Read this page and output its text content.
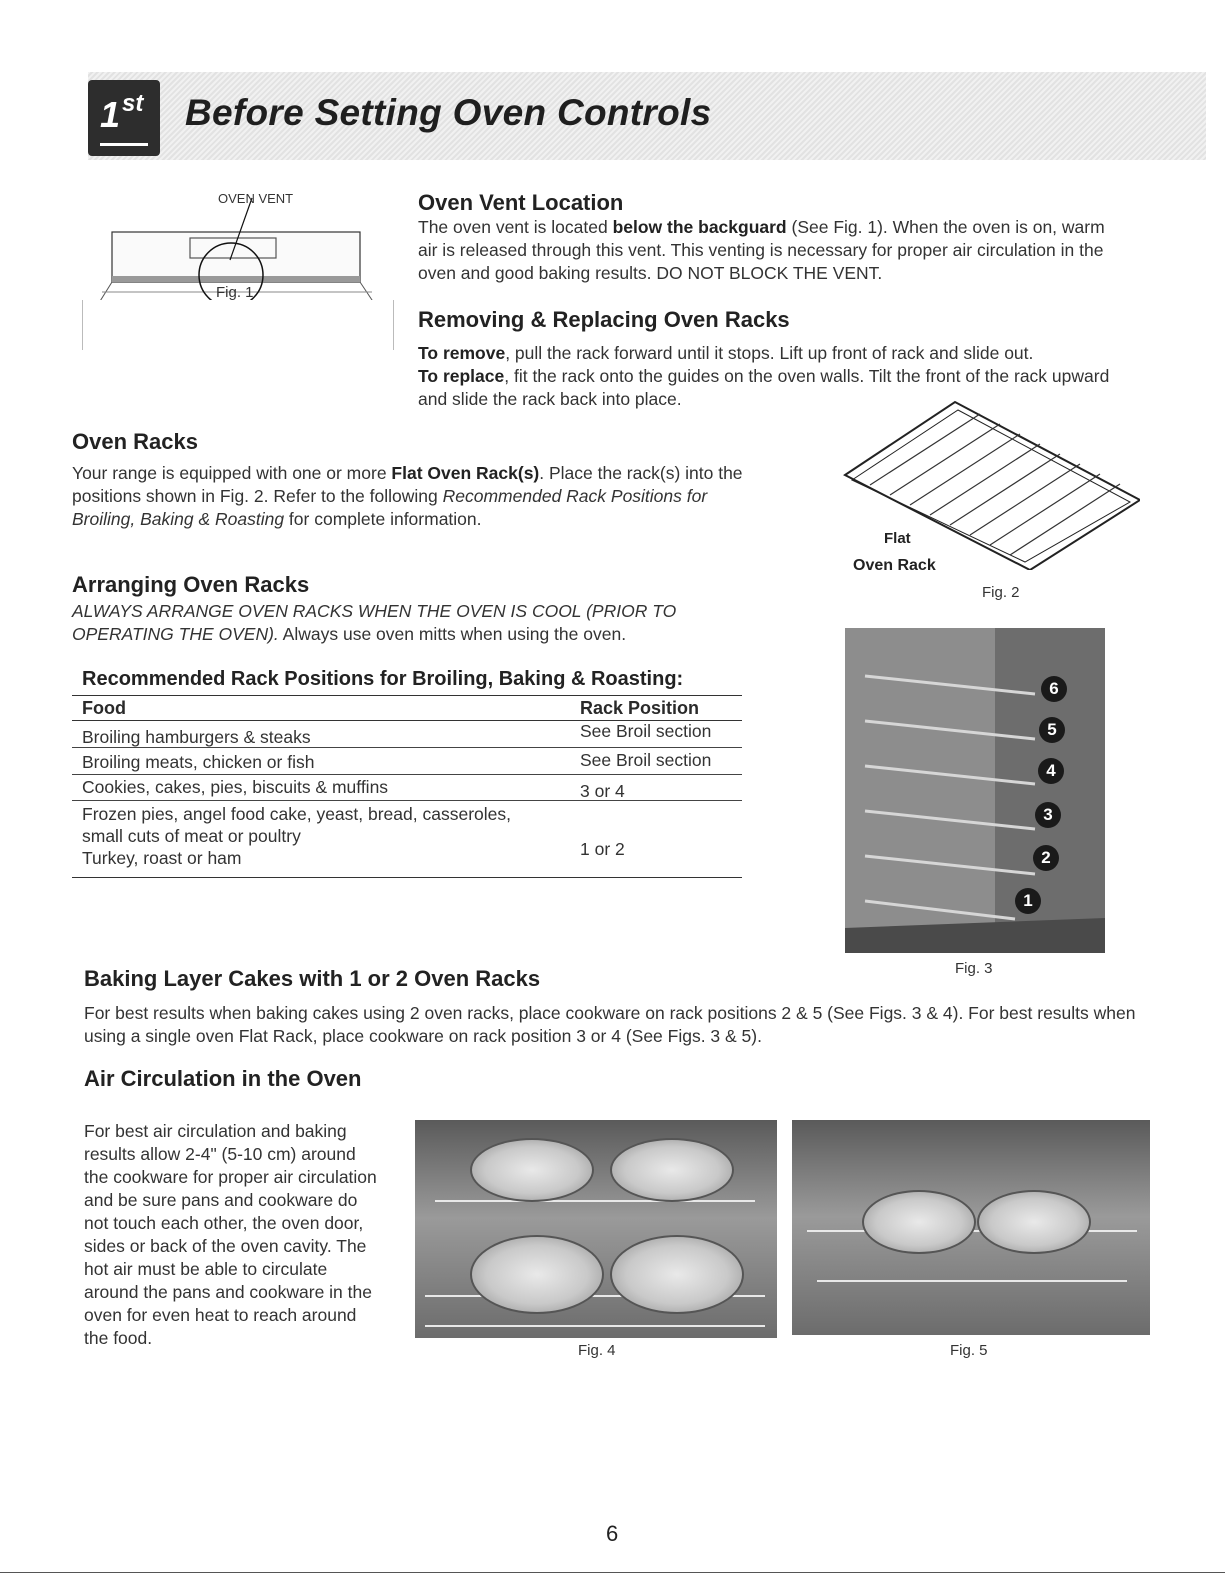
1 st Before Setting Oven Controls
OVEN VENT
Fig. 1
Oven Vent Location
The oven vent is located below the backguard (See Fig. 1). When the oven is on, warm air is released through this vent. This venting is necessary for proper air circulation in the oven and good baking results. DO NOT BLOCK THE VENT.
Removing & Replacing Oven Racks
To remove, pull the rack forward until it stops. Lift up front of rack and slide out.
To replace, fit the rack onto the guides on the oven walls. Tilt the front of the rack upward and slide the rack back into place.
Oven Racks
Your range is equipped with one or more Flat Oven Rack(s). Place the rack(s) into the positions shown in Fig. 2. Refer to the following Recommended Rack Positions for Broiling, Baking & Roasting for complete information.
Flat
Oven Rack
Fig. 2
Arranging Oven Racks
ALWAYS ARRANGE OVEN RACKS WHEN THE OVEN IS COOL (PRIOR TO OPERATING THE OVEN). Always use oven mitts when using the oven.
Recommended Rack Positions for Broiling, Baking & Roasting:
Food	Rack Position
Broiling hamburgers & steaks	See Broil section
Broiling meats, chicken or fish	See Broil section
Cookies, cakes, pies, biscuits & muffins	3 or 4
Frozen pies, angel food cake, yeast, bread, casseroles,
small cuts of meat or poultry
Turkey, roast or ham	1 or 2
6
5
4
3
2
1
Fig. 3
Baking Layer Cakes with 1 or 2 Oven Racks
For best results when baking cakes using 2 oven racks, place cookware on rack positions 2 & 5 (See Figs. 3 & 4). For best results when using a single oven Flat Rack, place cookware on rack position 3 or 4 (See Figs. 3 & 5).
Air Circulation in the Oven
For best air circulation and baking results allow 2-4" (5-10 cm) around the cookware for proper air circulation and be sure pans and cookware do not touch each other, the oven door, sides or back of the oven cavity. The hot air must be able to circulate around the pans and cookware in the oven for even heat to reach around the food.
Fig. 4	Fig. 5
6
